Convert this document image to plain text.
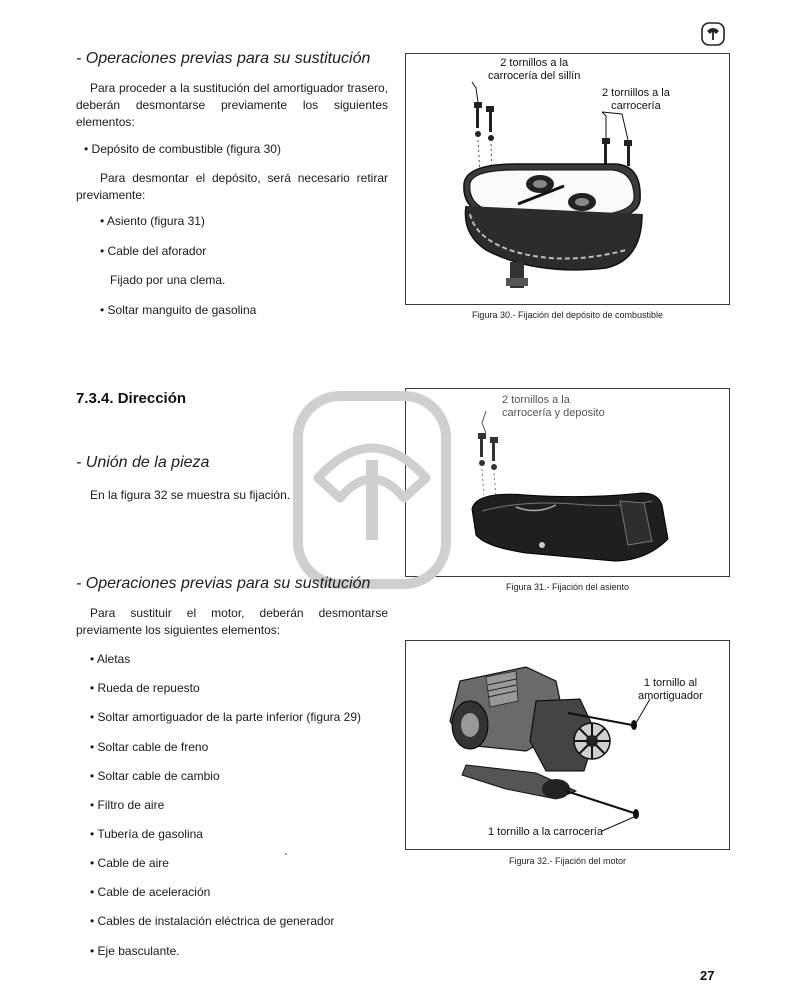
- Operaciones previas para su sustitución
Para proceder a la sustitución del amortiguador trasero, deberán desmontarse previamente los siguientes elementos:
• Depósito de combustible (figura 30)
Para desmontar el depósito, será necesario retirar previamente:
• Asiento (figura 31)
• Cable del aforador
Fijado por una clema.
• Soltar manguito de gasolina
2 tornillos a la
carrocería del sillín
2 tornillos a la
carrocería
Figura 30.- Fijación del depósito de combustible
7.3.4. Dirección
- Unión de la pieza
En la figura 32 se muestra su fijación.
2 tornillos a la
carrocería y deposito
Figura 31.- Fijación del asiento
- Operaciones previas para su sustitución
Para sustituir el motor, deberán desmontarse previamente los siguientes elementos:
• Aletas
• Rueda de repuesto
• Soltar amortiguador de la parte inferior (figura 29)
• Soltar cable de freno
• Soltar cable de cambio
• Filtro de aire
• Tubería de gasolina
• Cable de aire
• Cable de aceleración
• Cables de instalación eléctrica de generador
• Eje basculante.
1 tornillo al
amortiguador
1 tornillo a la carrocería
Figura 32.- Fijación del motor
27
